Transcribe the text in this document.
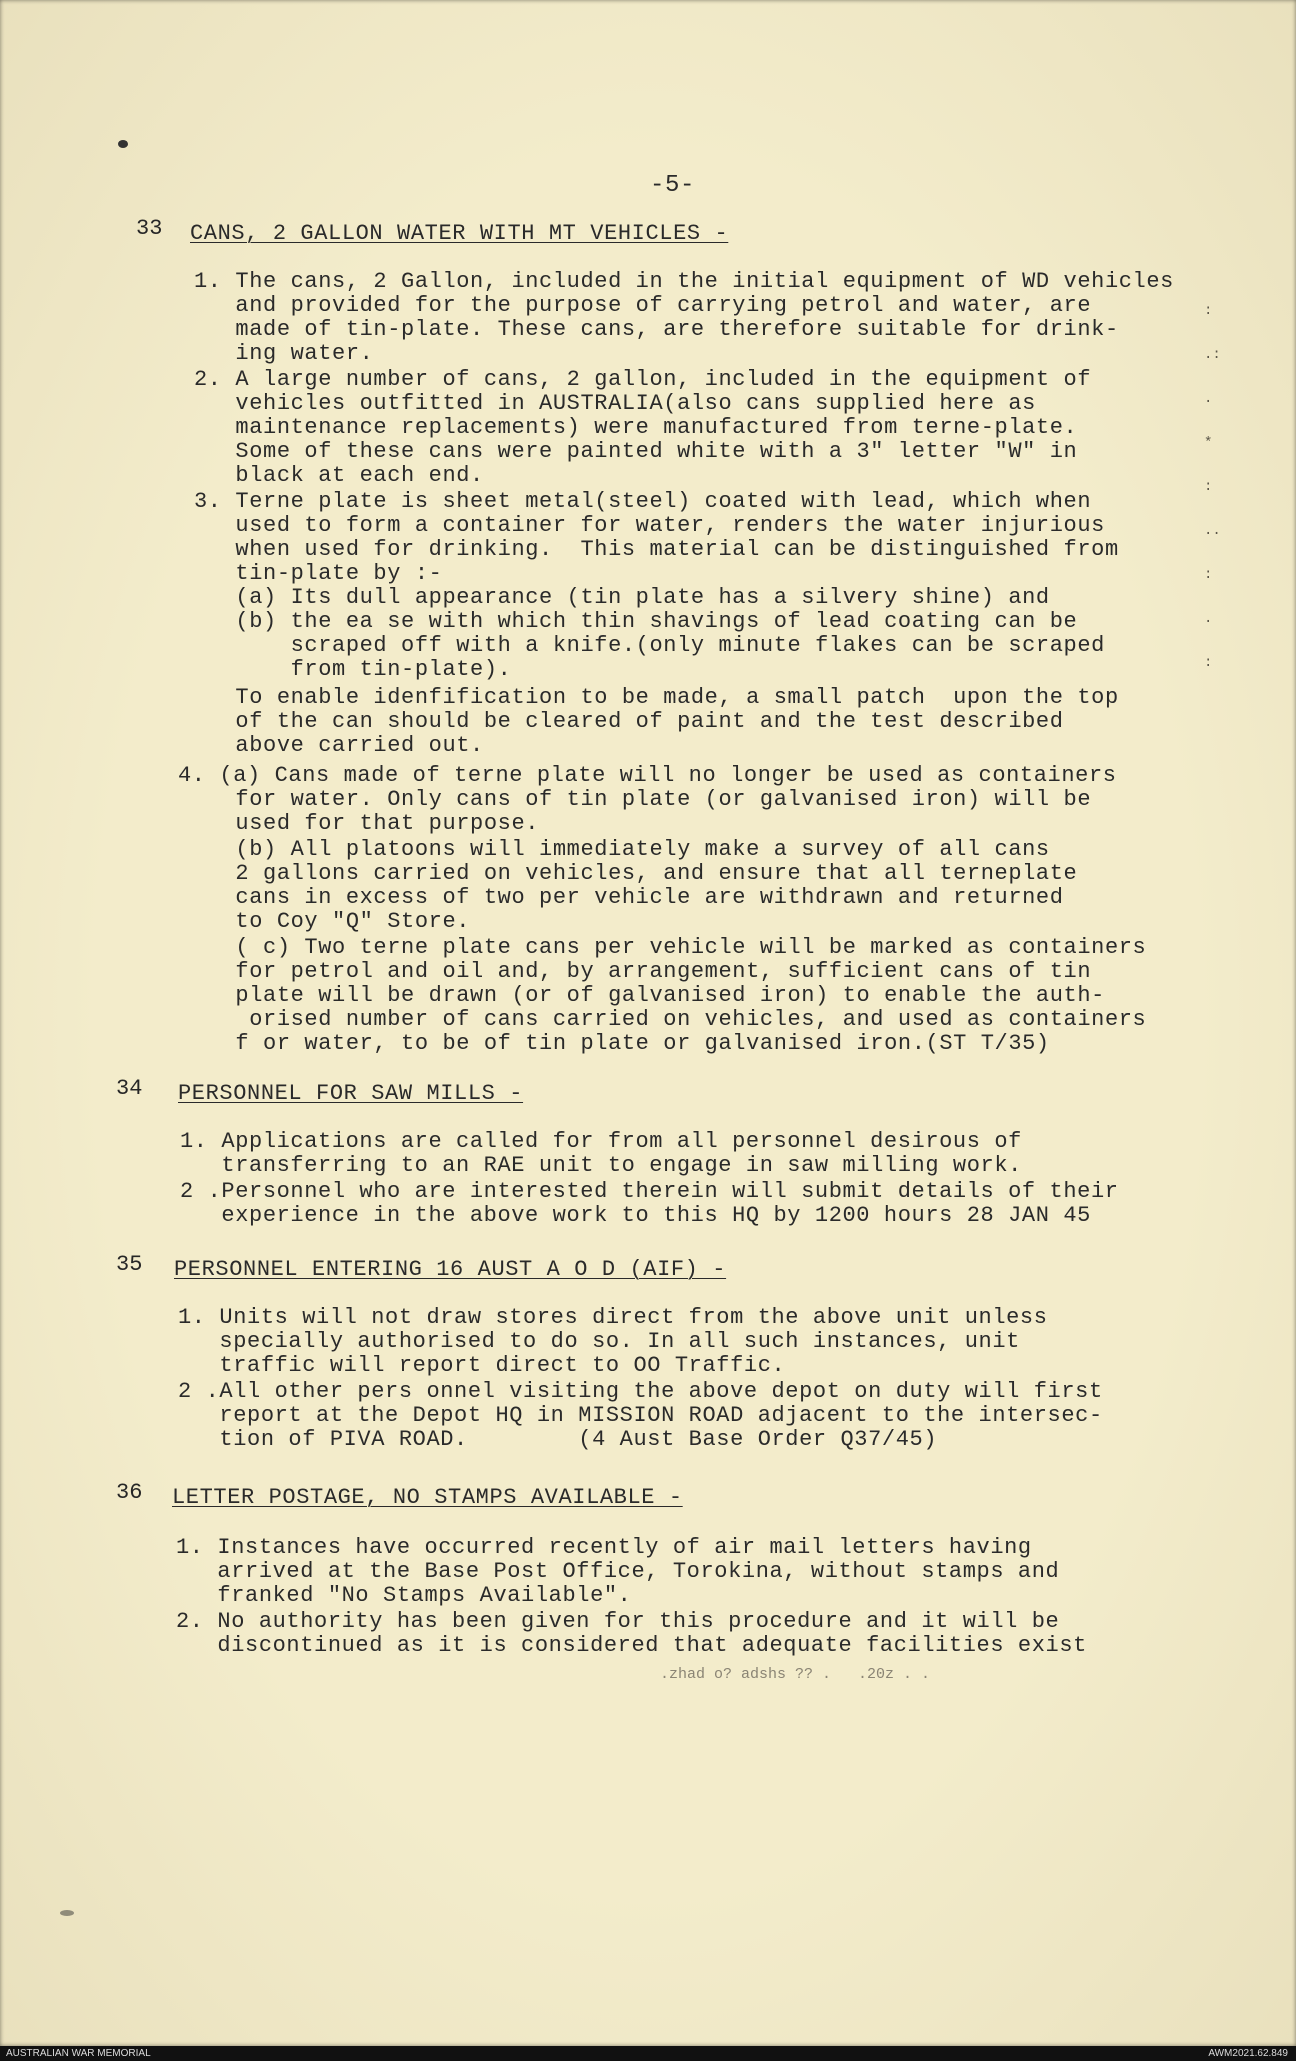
-5-
33 CANS, 2 GALLON WATER WITH MT VEHICLES -
1. The cans, 2 Gallon, included in the initial equipment of WD vehicles
and provided for the purpose of carrying petrol and water, are
made of tin-plate. These cans, are therefore suitable for drink-
ing water.
2. A large number of cans, 2 gallon, included in the equipment of
vehicles outfitted in AUSTRALIA(also cans supplied here as
maintenance replacements) were manufactured from terne-plate.
Some of these cans were painted white with a 3" letter "W" in
black at each end.
3. Terne plate is sheet metal(steel) coated with lead, which when
used to form a container for water, renders the water injurious
when used for drinking.  This material can be distinguished from
tin-plate by :-
(a) Its dull appearance (tin plate has a silvery shine) and
(b) the ea se with which thin shavings of lead coating can be
scraped off with a knife.(only minute flakes can be scraped
from tin-plate).
To enable idenfification to be made, a small patch  upon the top
of the can should be cleared of paint and the test described
above carried out.
4. (a) Cans made of terne plate will no longer be used as containers
for water. Only cans of tin plate (or galvanised iron) will be
used for that purpose.
(b) All platoons will immediately make a survey of all cans
2 gallons carried on vehicles, and ensure that all terneplate
cans in excess of two per vehicle are withdrawn and returned
to Coy "Q" Store.
( c) Two terne plate cans per vehicle will be marked as containers
for petrol and oil and, by arrangement, sufficient cans of tin
plate will be drawn (or of galvanised iron) to enable the auth-
orised number of cans carried on vehicles, and used as containers
f or water, to be of tin plate or galvanised iron.(ST T/35)
34 PERSONNEL FOR SAW MILLS -
1. Applications are called for from all personnel desirous of
transferring to an RAE unit to engage in saw milling work.
2 .Personnel who are interested therein will submit details of their
experience in the above work to this HQ by 1200 hours 28 JAN 45
35 PERSONNEL ENTERING 16 AUST A O D (AIF) -
1. Units will not draw stores direct from the above unit unless
specially authorised to do so. In all such instances, unit
traffic will report direct to OO Traffic.
2 .All other pers onnel visiting the above depot on duty will first
report at the Depot HQ in MISSION ROAD adjacent to the intersec-
tion of PIVA ROAD.        (4 Aust Base Order Q37/45)
36 LETTER POSTAGE, NO STAMPS AVAILABLE -
1. Instances have occurred recently of air mail letters having
arrived at the Base Post Office, Torokina, without stamps and
franked "No Stamps Available".
2. No authority has been given for this procedure and it will be
discontinued as it is considered that adequate facilities exist
:

.:

.

*

:

..

:

.

:
.zhad o? adshs ?? .   .20z . .
AUSTRALIAN WAR MEMORIAL	AWM2021.62.849
